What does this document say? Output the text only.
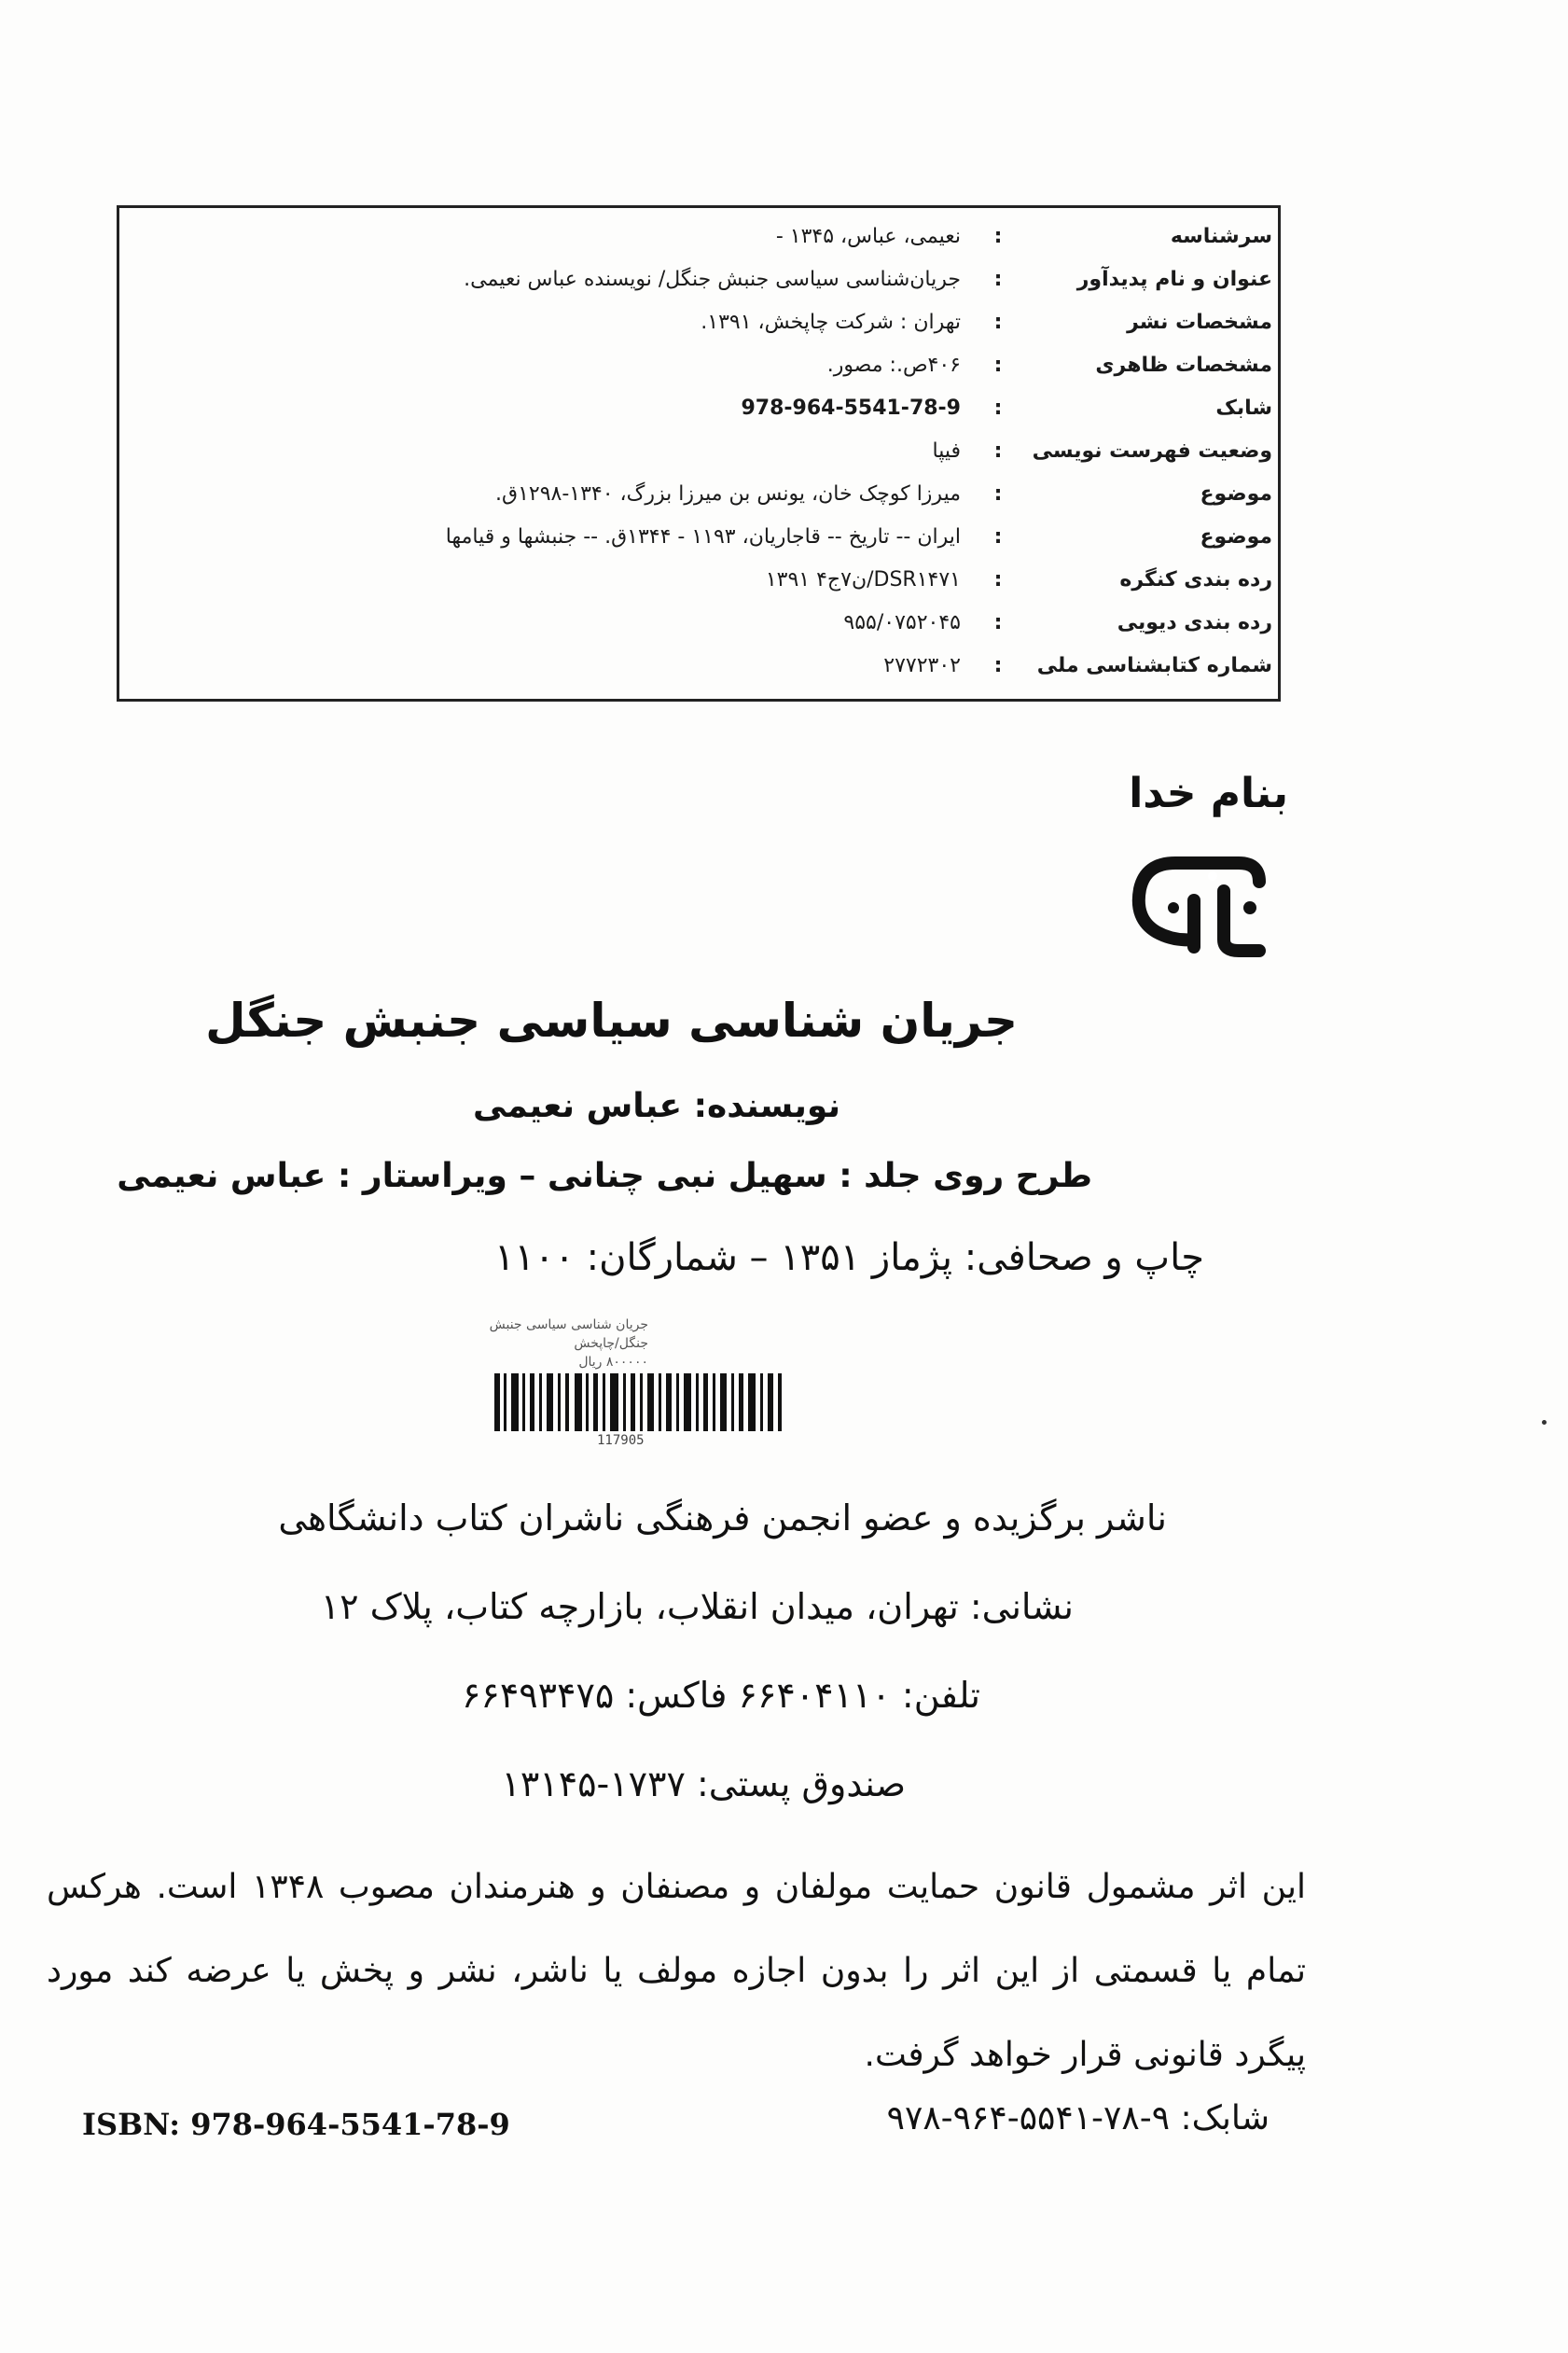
سرشناسه
:
نعیمی، عباس، ۱۳۴۵ -
عنوان و نام پدیدآور
:
جریان‌شناسی سیاسی جنبش جنگل/ نویسنده عباس نعیمی.
مشخصات نشر
:
تهران : شرکت چاپخش، ۱۳۹۱.
مشخصات ظاهری
:
۴۰۶ص.: مصور.
شابک
:
978-964-5541-78-9
وضعیت فهرست نویسی
:
فیپا
موضوع
:
میرزا کوچک خان، یونس بن میرزا بزرگ، ۱۳۴۰-۱۲۹۸ق.
موضوع
:
ایران -- تاریخ -- قاجاریان، ۱۱۹۳ - ۱۳۴۴ق. -- جنبشها و قیامها
رده بندی کنگره
:
DSR۱۴۷۱/ن۷ج۴ ۱۳۹۱
رده بندی دیویی
:
۹۵۵/۰۷۵۲۰۴۵
شماره کتابشناسی ملی
:
۲۷۷۲۳۰۲
بنام خدا
جریان شناسی سیاسی جنبش جنگل
نویسنده: عباس نعیمی
طرح روی جلد : سهیل نبی چنانی – ویراستار : عباس نعیمی
چاپ و صحافی: پژماز ۱۳۵۱ – شمارگان: ۱۱۰۰
جریان شناسی سیاسی جنبش
جنگل/چاپخش
۸۰۰۰۰۰ ریال
117905
ناشر برگزیده و عضو انجمن فرهنگی ناشران کتاب دانشگاهی
نشانی: تهران، میدان انقلاب، بازارچه کتاب، پلاک ۱۲
تلفن: ۶۶۴۰۴۱۱۰ فاکس: ۶۶۴۹۳۴۷۵
صندوق پستی: ۱۷۳۷-۱۳۱۴۵
این اثر مشمول قانون حمایت مولفان و مصنفان و هنرمندان مصوب ۱۳۴۸ است. هرکس تمام یا قسمتی از این اثر را بدون اجازه مولف یا ناشر، نشر و پخش یا عرضه کند مورد پیگرد قانونی قرار خواهد گرفت.
شابک: ۹-۷۸-۵۵۴۱-۹۶۴-۹۷۸
ISBN: 978-964-5541-78-9
